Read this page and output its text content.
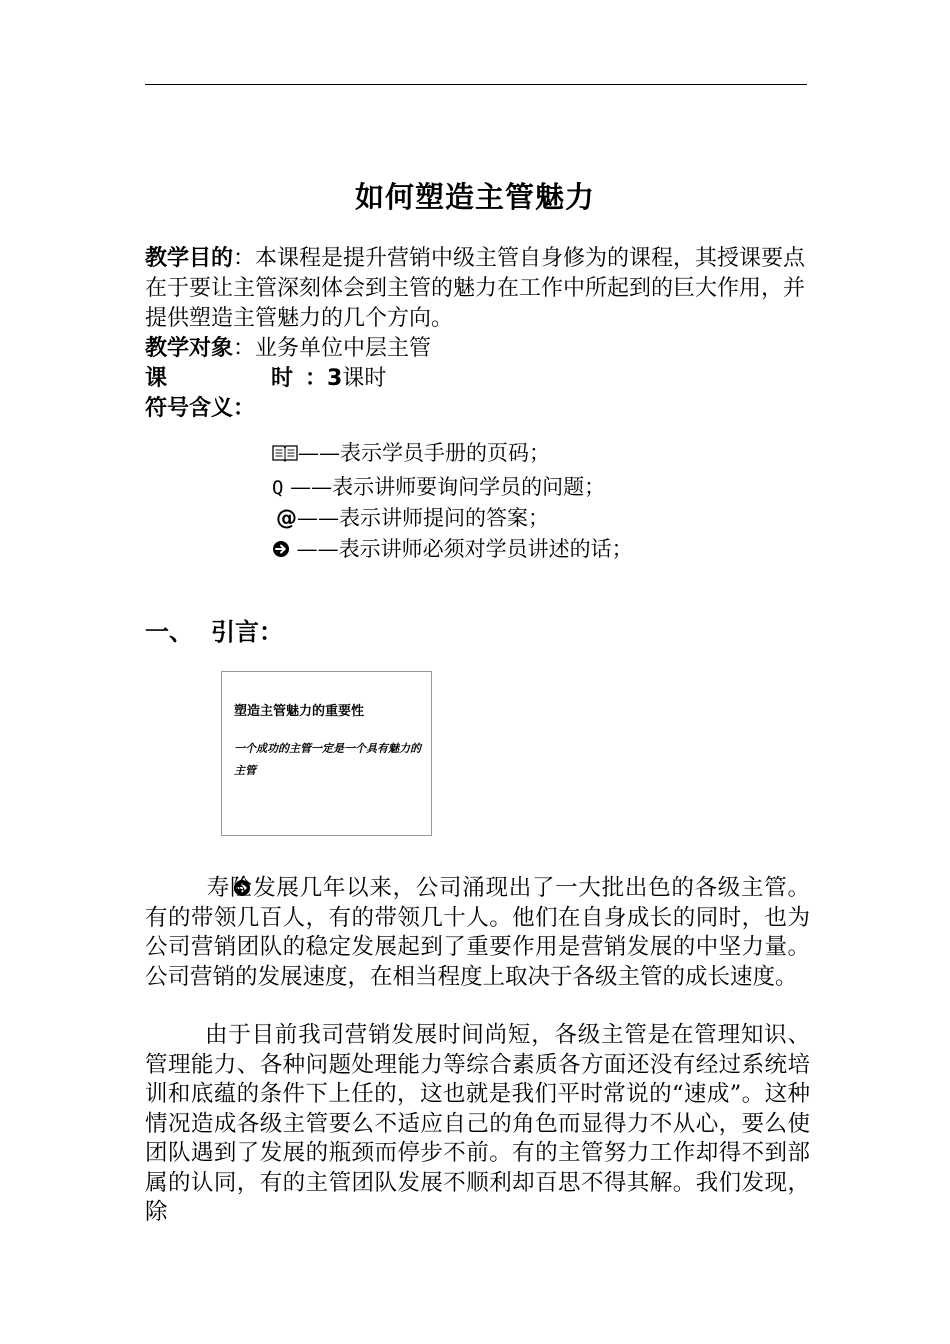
如何塑造主管魅力
教学目的：本课程是提升营销中级主管自身修为的课程，其授课要点在于要让主管深刻体会到主管的魅力在工作中所起到的巨大作用，并提供塑造主管魅力的几个方向。
教学对象：业务单位中层主管
课	时 ：3课时
符号含义：
——表示学员手册的页码；
Q ——表示讲师要询问学员的问题；
@——表示讲师提问的答案；
——表示讲师必须对学员讲述的话；
一、 引言：
塑造主管魅力的重要性
一个成功的主管一定是一个具有魅力的主管
寿险发展几年以来，公司涌现出了一大批出色的各级主管。有的带领几百人，有的带领几十人。他们在自身成长的同时，也为公司营销团队的稳定发展起到了重要作用是营销发展的中坚力量。公司营销的发展速度，在相当程度上取决于各级主管的成长速度。
由于目前我司营销发展时间尚短，各级主管是在管理知识、管理能力、各种问题处理能力等综合素质各方面还没有经过系统培训和底蕴的条件下上任的，这也就是我们平时常说的“速成”。这种情况造成各级主管要么不适应自己的角色而显得力不从心，要么使团队遇到了发展的瓶颈而停步不前。有的主管努力工作却得不到部属的认同，有的主管团队发展不顺利却百思不得其解。我们发现，除
